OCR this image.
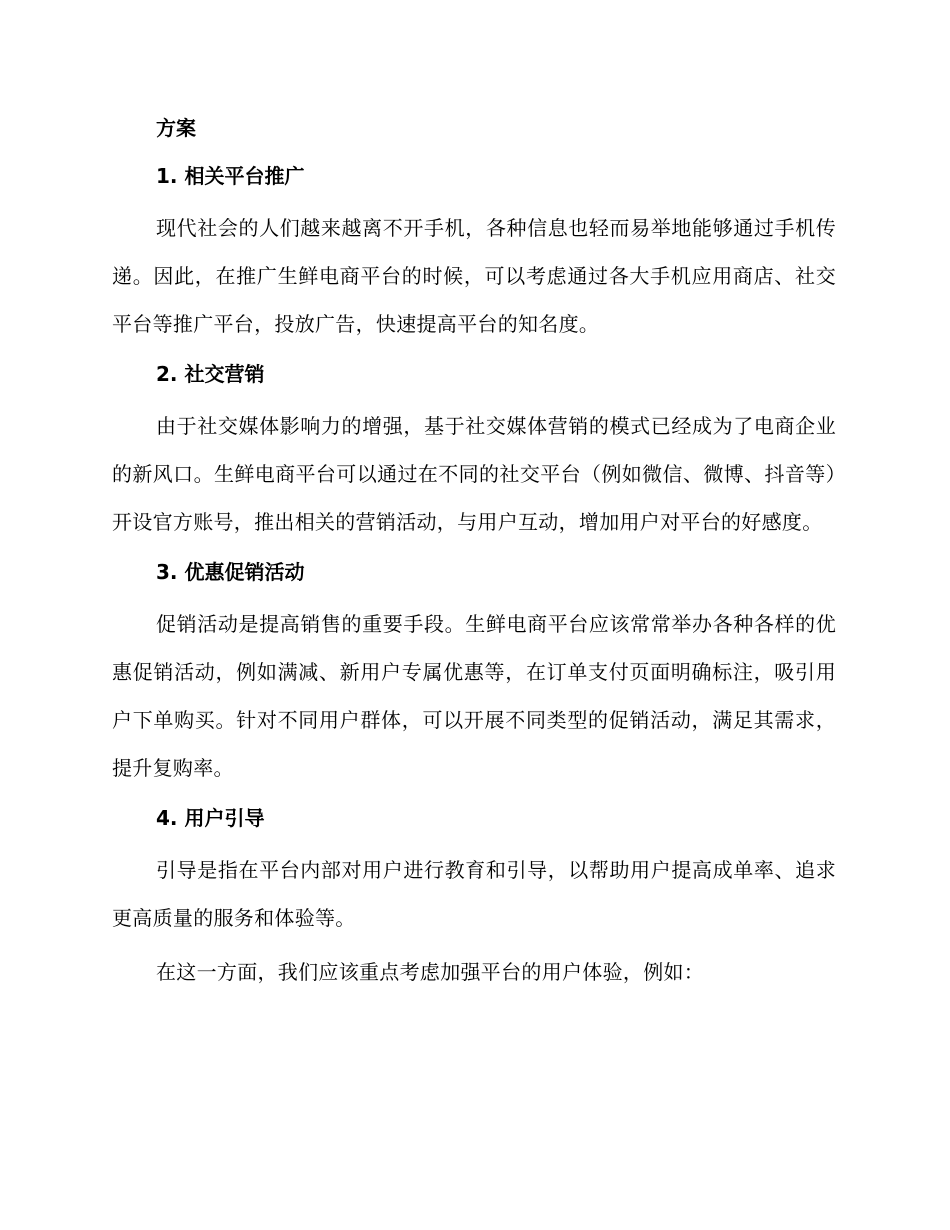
方案
1. 相关平台推广

现代社会的人们越来越离不开手机，各种信息也轻而易举地能够通过手机传递。因此，在推广生鲜电商平台的时候，可以考虑通过各大手机应用商店、社交平台等推广平台，投放广告，快速提高平台的知名度。

2. 社交营销

由于社交媒体影响力的增强，基于社交媒体营销的模式已经成为了电商企业的新风口。生鲜电商平台可以通过在不同的社交平台（例如微信、微博、抖音等）开设官方账号，推出相关的营销活动，与用户互动，增加用户对平台的好感度。

3. 优惠促销活动

促销活动是提高销售的重要手段。生鲜电商平台应该常常举办各种各样的优惠促销活动，例如满减、新用户专属优惠等，在订单支付页面明确标注，吸引用户下单购买。针对不同用户群体，可以开展不同类型的促销活动，满足其需求，提升复购率。

4. 用户引导

引导是指在平台内部对用户进行教育和引导，以帮助用户提高成单率、追求更高质量的服务和体验等。

在这一方面，我们应该重点考虑加强平台的用户体验，例如：
